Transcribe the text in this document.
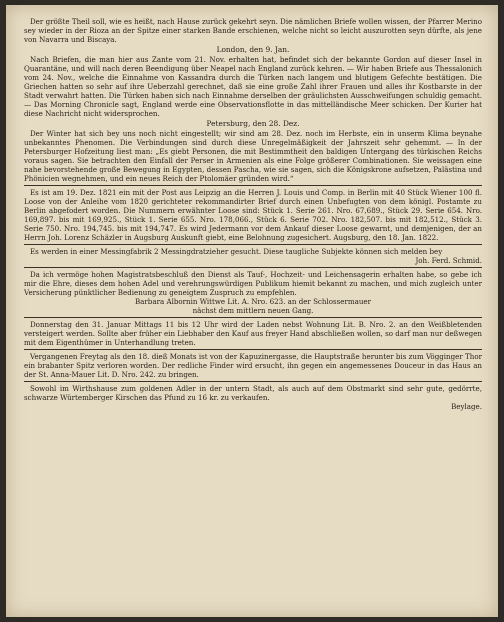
Der größte Theil soll, wie es heißt, nach Hause zurück gekehrt seyn. Die nämlichen Briefe wollen wissen, der Pfarrer Merino sey wieder in der Rioza an der Spitze einer starken Bande erschienen, welche nicht so leicht auszurotten seyn dürfte, als jene von Navarra und Biscaya.

London, den 9. Jan.

Nach Briefen, die man hier aus Zante vom 21. Nov. erhalten hat, befindet sich der bekannte Gordon auf dieser Insel in Quarantäne, und will nach deren Beendigung über Neapel nach England zurück kehren. — Wir haben Briefe aus Thessalonich vom 24. Nov., welche die Einnahme von Kassandra durch die Türken nach langem und blutigem Gefechte bestätigen. Die Griechen hatten so sehr auf ihre Ueberzahl gerechnet, daß sie eine große Zahl ihrer Frauen und alles ihr Kostbarste in der Stadt verwahrt hatten. Die Türken haben sich nach Einnahme derselben der gräulichsten Ausschweifungen schuldig gemacht. — Das Morning Chronicle sagt, England werde eine Observationsflotte in das mittelländische Meer schicken. Der Kurier hat diese Nachricht nicht widersprochen.

Petersburg, den 28. Dez.

Der Winter hat sich bey uns noch nicht eingestellt; wir sind am 28. Dez. noch im Herbste, ein in unserm Klima beynahe unbekanntes Phenomen. Die Verbindungen sind durch diese Unregelmäßigkeit der Jahrszeit sehr gehemmt. — In der Petersburger Hofzeitung liest man: „Es giebt Personen, die mit Bestimmtheit den baldigen Untergang des türkischen Reichs voraus sagen. Sie betrachten den Einfall der Perser in Armenien als eine Folge größerer Combinationen. Sie weissagen eine nahe bevorstehende große Bewegung in Egypten, dessen Pascha, wie sie sagen, sich die Königskrone aufsetzen, Palästina und Phönicien wegnehmen, und ein neues Reich der Ptolomäer gründen wird.“

Es ist am 19. Dez. 1821 ein mit der Post aus Leipzig an die Herren J. Louis und Comp. in Berlin mit 40 Stück Wiener 100 fl. Loose von der Anleihe vom 1820 gerichteter rekommandirter Brief durch einen Unbefugten von dem königl. Postamte zu Berlin abgefodert worden. Die Nummern erwähnter Loose sind: Stück 1. Serie 261. Nro. 67,689., Stück 29. Serie 654. Nro. 169,897. bis mit 169,925., Stück 1. Serie 655. Nro. 178,066., Stück 6. Serie 702. Nro. 182,507. bis mit 182,512., Stück 3. Serie 750. Nro. 194,745. bis mit 194,747. Es wird Jedermann vor dem Ankauf dieser Loose gewarnt, und demjenigen, der an Herrn Joh. Lorenz Schäzler in Augsburg Auskunft giebt, eine Belohnung zugesichert. Augsburg, den 18. Jan. 1822.

Es werden in einer Messingfabrik 2 Messingdratzieher gesucht. Diese taugliche Subjekte können sich melden bey

Joh. Ferd. Schmid.

Da ich vermöge hohen Magistratsbeschluß den Dienst als Tauf-, Hochzeit- und Leichensagerin erhalten habe, so gebe ich mir die Ehre, dieses dem hohen Adel und verehrungswürdigen Publikum hiemit bekannt zu machen, und mich zugleich unter Versicherung pünktlicher Bedienung zu geneigtem Zuspruch zu empfehlen.

Barbara Albornin Wittwe Lit. A. Nro. 623. an der Schlossermauer
nächst dem mittlern neuen Gang.

Donnerstag den 31. Januar Mittags 11 bis 12 Uhr wird der Laden nebst Wohnung Lit. B. Nro. 2. an den Weißbletenden versteigert werden. Sollte aber früher ein Liebhaber den Kauf aus freyer Hand abschließen wollen, so darf man nur deßwegen mit dem Eigenthümer in Unterhandlung treten.

Vergangenen Freytag als den 18. dieß Monats ist von der Kapuzinergasse, die Hauptstraße herunter bis zum Vögginger Thor ein brabanter Spitz verloren worden. Der redliche Finder wird ersucht, ihn gegen ein angemessenes Douceur in das Haus an der St. Anna-Mauer Lit. D. Nro. 242. zu bringen.

Sowohl im Wirthshause zum goldenen Adler in der untern Stadt, als auch auf dem Obstmarkt sind sehr gute, gedörrte, schwarze Würtemberger Kirschen das Pfund zu 16 kr. zu verkaufen.

Beylage.
